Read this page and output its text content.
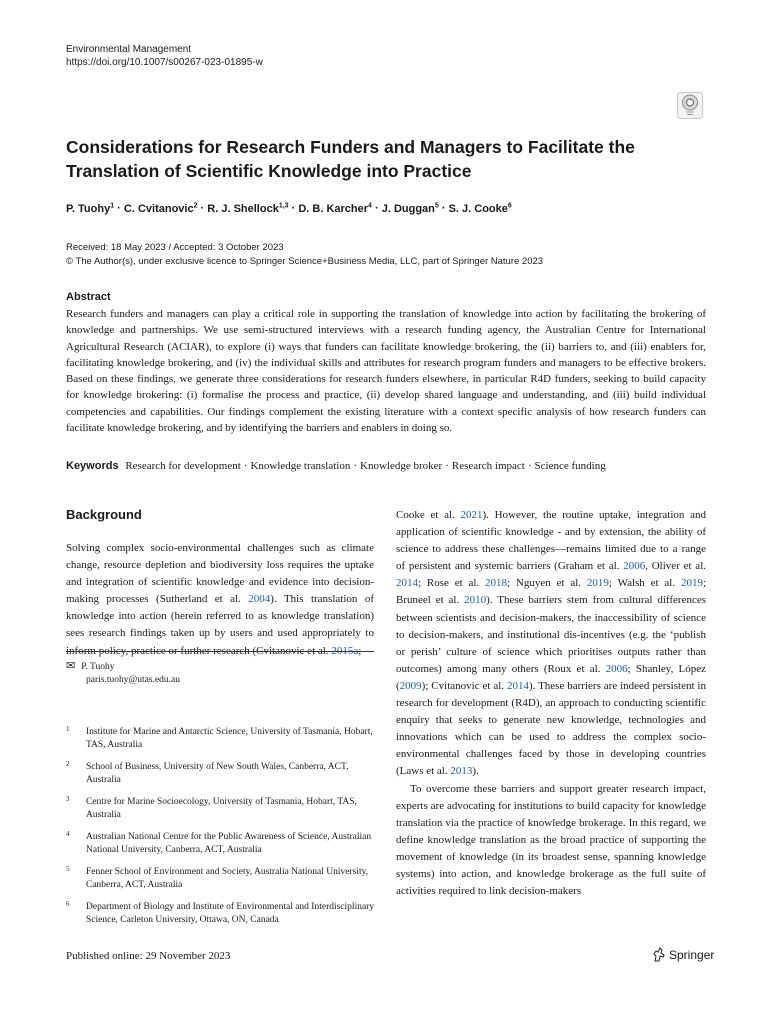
Environmental Management
https://doi.org/10.1007/s00267-023-01895-w
Considerations for Research Funders and Managers to Facilitate the Translation of Scientific Knowledge into Practice
P. Tuohy$^1$ · C. Cvitanovic$^2$ · R. J. Shellock$^{1,3}$ · D. B. Karcher$^4$ · J. Duggan$^5$ · S. J. Cooke$^6$
Received: 18 May 2023 / Accepted: 3 October 2023
© The Author(s), under exclusive licence to Springer Science+Business Media, LLC, part of Springer Nature 2023
Abstract
Research funders and managers can play a critical role in supporting the translation of knowledge into action by facilitating the brokering of knowledge and partnerships. We use semi-structured interviews with a research funding agency, the Australian Centre for International Agricultural Research (ACIAR), to explore (i) ways that funders can facilitate knowledge brokering, the (ii) barriers to, and (iii) enablers for, facilitating knowledge brokering, and (iv) the individual skills and attributes for research program funders and managers to be effective brokers. Based on these findings, we generate three considerations for research funders elsewhere, in particular R4D funders, seeking to build capacity for knowledge brokering: (i) formalise the process and practice, (ii) develop shared language and understanding, and (iii) build individual competencies and capabilities. Our findings complement the existing literature with a context specific analysis of how research funders can facilitate knowledge brokering, and by identifying the barriers and enablers in doing so.
Keywords Research for development · Knowledge translation · Knowledge broker · Research impact · Science funding
Background
Solving complex socio-environmental challenges such as climate change, resource depletion and biodiversity loss requires the uptake and integration of scientific knowledge and evidence into decision-making processes (Sutherland et al. 2004). This translation of knowledge into action (herein referred to as knowledge translation) sees research findings taken up by users and used appropriately to inform policy, practice or further research (Cvitanovic et al. 2015a;
✉ P. Tuohy
paris.tuohy@utas.edu.au
1 Institute for Marine and Antarctic Science, University of Tasmania, Hobart, TAS, Australia
2 School of Business, University of New South Wales, Canberra, ACT, Australia
3 Centre for Marine Socioecology, University of Tasmania, Hobart, TAS, Australia
4 Australian National Centre for the Public Awareness of Science, Australian National University, Canberra, ACT, Australia
5 Fenner School of Environment and Society, Australia National University, Canberra, ACT, Australia
6 Department of Biology and Institute of Environmental and Interdisciplinary Science, Carleton University, Ottawa, ON, Canada

Cooke et al. 2021). However, the routine uptake, integration and application of scientific knowledge - and by extension, the ability of science to address these challenges—remains limited due to a range of persistent and systemic barriers (Graham et al. 2006, Oliver et al. 2014; Rose et al. 2018; Nguyen et al. 2019; Walsh et al. 2019; Bruneel et al. 2010). These barriers stem from cultural differences between scientists and decision-makers, the inaccessibility of science to decision-makers, and institutional dis-incentives (e.g. the ‘publish or perish’ culture of science which prioritises outputs rather than outcomes) among many others (Roux et al. 2006; Shanley, López (2009); Cvitanovic et al. 2014). These barriers are indeed persistent in research for development (R4D), an approach to conducting scientific enquiry that seeks to generate new knowledge, technologies and innovations which can be used to address the complex socio-environmental challenges faced by those in developing countries (Laws et al. 2013).

To overcome these barriers and support greater research impact, experts are advocating for institutions to build capacity for knowledge translation via the practice of knowledge brokerage. In this regard, we define knowledge translation as the broad practice of supporting the movement of knowledge (in its broadest sense, spanning knowledge systems) into action, and knowledge brokerage as the full suite of activities required to link decision-makers

Published online: 29 November 2023	Springer
